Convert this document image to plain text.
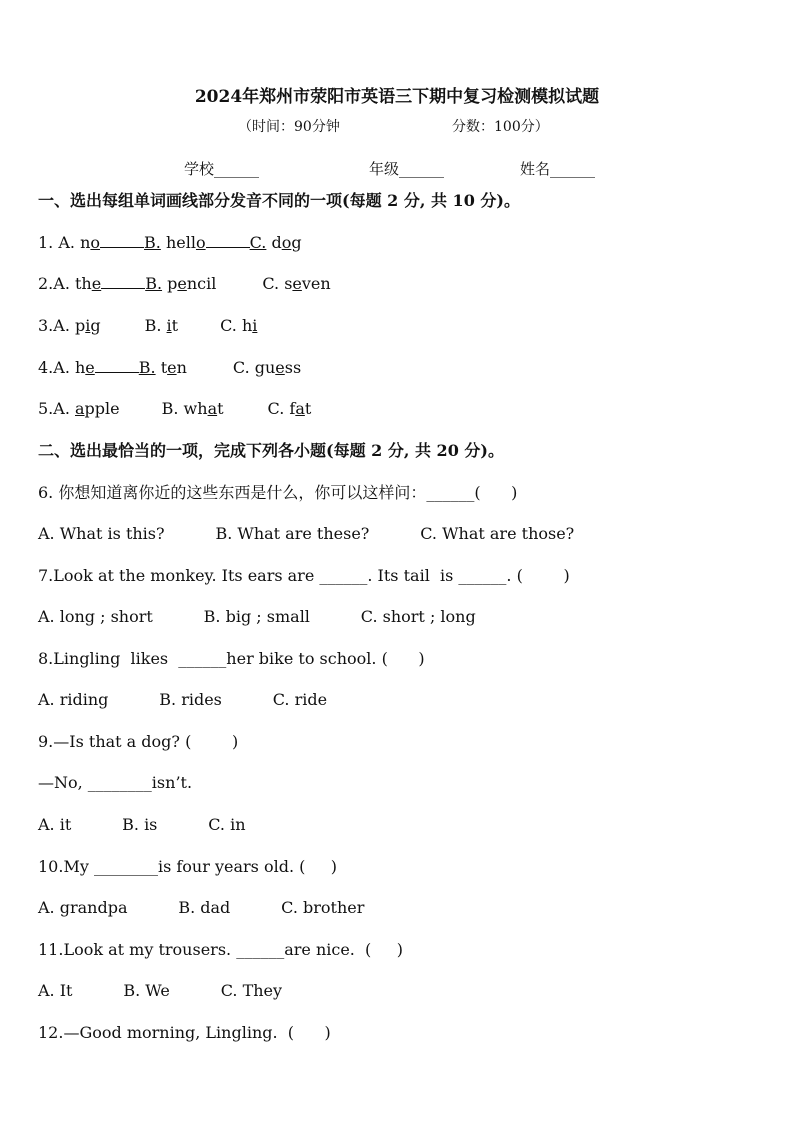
2024年郑州市荥阳市英语三下期中复习检测模拟试题
（时间：90分钟	分数：100分）
学校______	年级______	姓名______
一、选出每组单词画线部分发音不同的一项(每题 2 分, 共 10 分)。
1. A. no	B. hello	C. dog
2.A. the	B. pencil	C. seven
3.A. pig	B. it	C. hi
4.A. he	B. ten	C. guess
5.A. apple	B. what	C. fat
二、选出最恰当的一项，完成下列各小题(每题 2 分, 共 20 分)。
6. 你想知道离你近的这些东西是什么，你可以这样问：______(      )
A. What is this?          B. What are these?          C. What are those?
7.Look at the monkey. Its ears are ______. Its tail  is ______. (        )
A. long ; short          B. big ; small          C. short ; long
8.Lingling  likes  ______her bike to school. (      )
A. riding          B. rides          C. ride
9.—Is that a dog? (        )
—No, ________isn’t.
A. it          B. is          C. in
10.My ________is four years old. (     )
A. grandpa          B. dad          C. brother
11.Look at my trousers. ______are nice.  (     )
A. It          B. We          C. They
12.—Good morning, Lingling.  (      )
